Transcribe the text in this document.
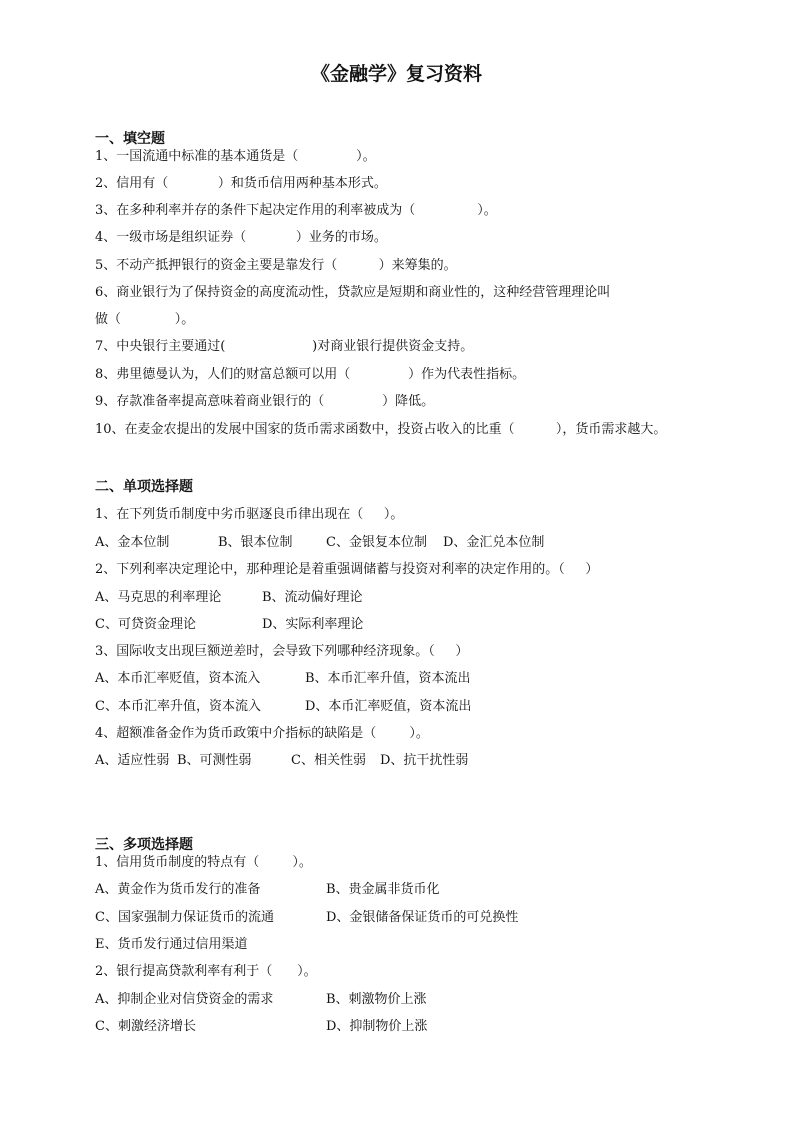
《金融学》复习资料
一、填空题
1、一国流通中标准的基本通货是（              ）。
2、信用有（            ）和货币信用两种基本形式。
3、在多种利率并存的条件下起决定作用的利率被成为（               ）。
4、一级市场是组织证券（            ）业务的市场。
5、不动产抵押银行的资金主要是靠发行（          ）来筹集的。
6、商业银行为了保持资金的高度流动性，贷款应是短期和商业性的，这种经营管理理论叫
做（             ）。
7、中央银行主要通过(                     )对商业银行提供资金支持。
8、弗里德曼认为，人们的财富总额可以用（              ）作为代表性指标。
9、存款准备率提高意味着商业银行的（              ）降低。
10、在麦金农提出的发展中国家的货币需求函数中，投资占收入的比重（          ），货币需求越大。
二、单项选择题
1、在下列货币制度中劣币驱逐良币律出现在（     ）。
A、金本位制	B、银本位制	C、金银复本位制 D、金汇兑本位制
2、下列利率决定理论中，那种理论是着重强调储蓄与投资对利率的决定作用的。（     ）
A、马克思的利率理论	B、流动偏好理论
C、可贷资金理论	D、实际利率理论
3、国际收支出现巨额逆差时，会导致下列哪种经济现象。（     ）
A、本币汇率贬值，资本流入	B、本币汇率升值，资本流出
C、本币汇率升值，资本流入	D、本币汇率贬值，资本流出
4、超额准备金作为货币政策中介指标的缺陷是（        ）。
A、适应性弱 B、可测性弱	C、相关性弱 D、抗干扰性弱
三、多项选择题
1、信用货币制度的特点有（        ）。
A、黄金作为货币发行的准备	B、贵金属非货币化
C、国家强制力保证货币的流通	D、金银储备保证货币的可兑换性
E、货币发行通过信用渠道
2、银行提高贷款利率有利于（      ）。
A、抑制企业对信贷资金的需求	B、刺激物价上涨
C、刺激经济增长	D、抑制物价上涨
